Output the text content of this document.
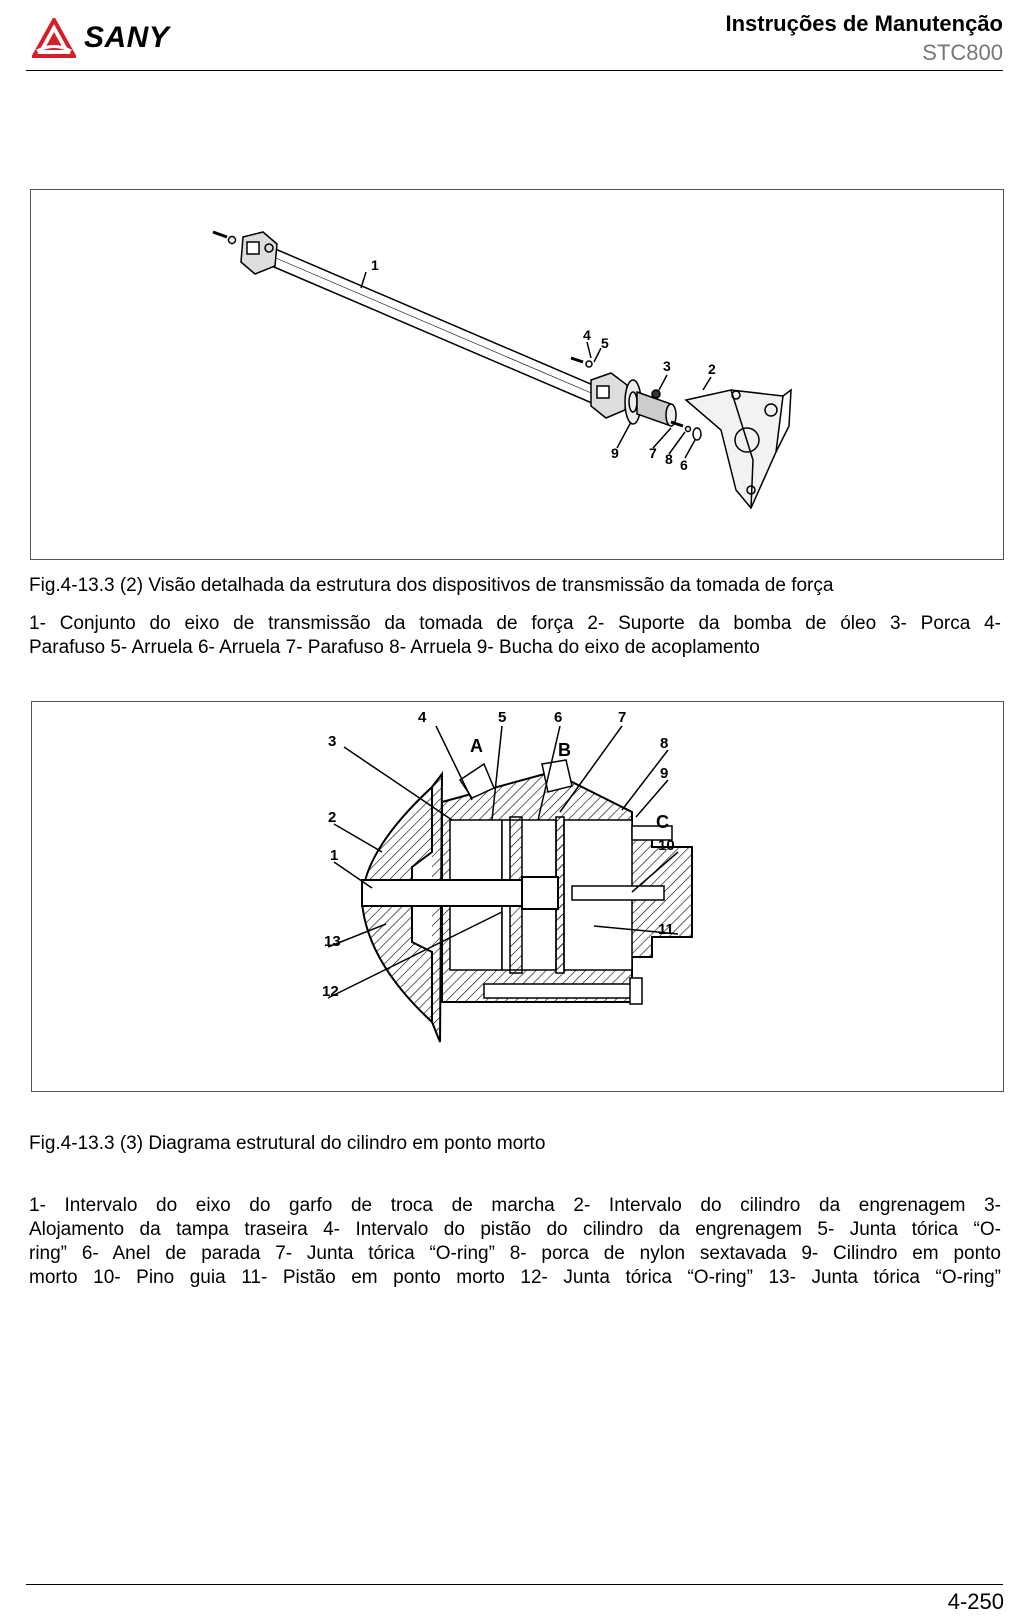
SANY	Instruções de Manutenção
STC800
1
2
3
4 5
6
7 8
9
Fig.4-13.3 (2) Visão detalhada da estrutura dos dispositivos de transmissão da tomada de força
1- Conjunto do eixo de transmissão da tomada de força 2- Suporte da bomba de óleo 3- Porca 4-
Parafuso 5- Arruela 6- Arruela 7- Parafuso 8- Arruela 9- Bucha do eixo de acoplamento
1
2
3
4	5	6	7
8
9
10
11
12
13
A	B
C
Fig.4-13.3 (3) Diagrama estrutural do cilindro em ponto morto
1- Intervalo do eixo do garfo de troca de marcha 2- Intervalo do cilindro da engrenagem 3-
Alojamento da tampa traseira 4- Intervalo do pistão do cilindro da engrenagem 5- Junta tórica “O-
ring” 6- Anel de parada 7- Junta tórica “O-ring” 8- porca de nylon sextavada 9- Cilindro em ponto
morto 10- Pino guia 11- Pistão em ponto morto 12- Junta tórica “O-ring” 13- Junta tórica “O-ring”
4-250
